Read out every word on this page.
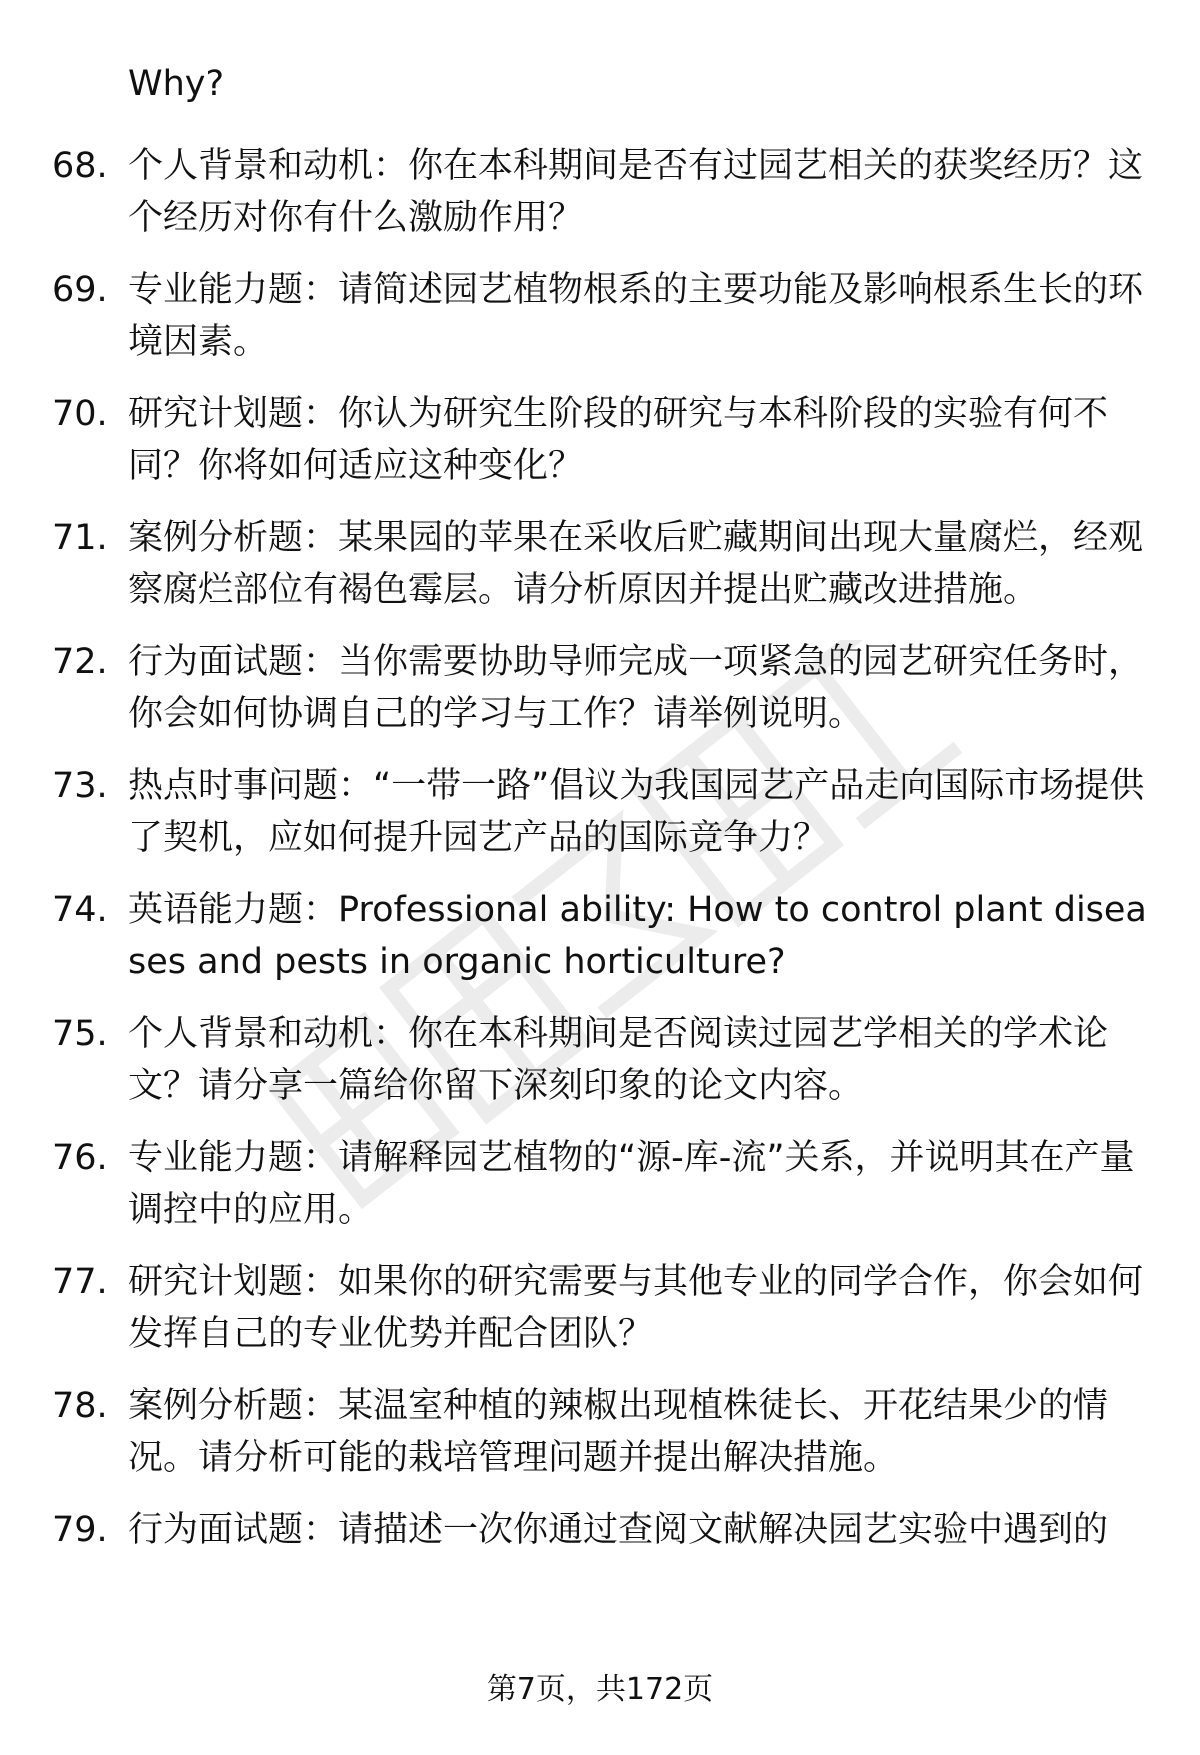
Why?
68. 个人背景和动机：你在本科期间是否有过园艺相关的获奖经历？这个经历对你有什么激励作用？
69. 专业能力题：请简述园艺植物根系的主要功能及影响根系生长的环境因素。
70. 研究计划题：你认为研究生阶段的研究与本科阶段的实验有何不同？你将如何适应这种变化？
71. 案例分析题：某果园的苹果在采收后贮藏期间出现大量腐烂，经观察腐烂部位有褐色霉层。请分析原因并提出贮藏改进措施。
72. 行为面试题：当你需要协助导师完成一项紧急的园艺研究任务时，你会如何协调自己的学习与工作？请举例说明。
73. 热点时事问题：“一带一路”倡议为我国园艺产品走向国际市场提供了契机，应如何提升园艺产品的国际竞争力？
74. 英语能力题：Professional ability: How to control plant diseases and pests in organic horticulture?
75. 个人背景和动机：你在本科期间是否阅读过园艺学相关的学术论文？请分享一篇给你留下深刻印象的论文内容。
76. 专业能力题：请解释园艺植物的“源-库-流”关系，并说明其在产量调控中的应用。
77. 研究计划题：如果你的研究需要与其他专业的同学合作，你会如何发挥自己的专业优势并配合团队？
78. 案例分析题：某温室种植的辣椒出现植株徒长、开花结果少的情况。请分析可能的栽培管理问题并提出解决措施。
79. 行为面试题：请描述一次你通过查阅文献解决园艺实验中遇到的
第7页，共172页
